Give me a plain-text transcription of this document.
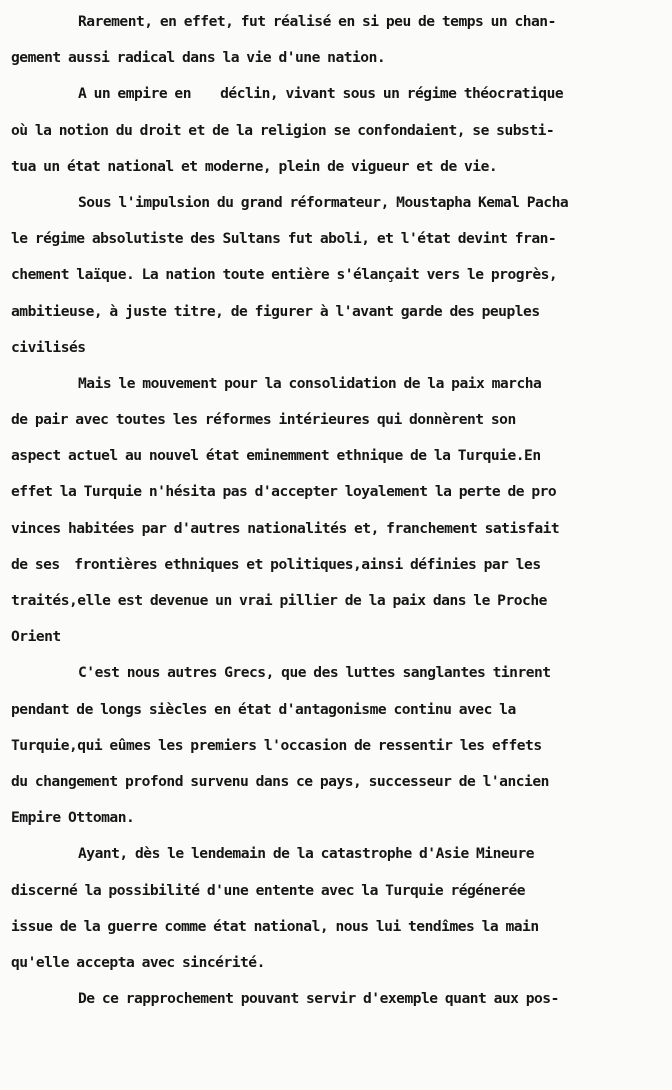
Rarement, en effet, fut réalisé en si peu de temps un chan-
gement aussi radical dans la vie d'une nation.
A un empire en    déclin, vivant sous un régime théocratique
où la notion du droit et de la religion se confondaient, se substi-
tua un état national et moderne, plein de vigueur et de vie.
Sous l'impulsion du grand réformateur, Moustapha Kemal Pacha
le régime absolutiste des Sultans fut aboli, et l'état devint fran-
chement laïque. La nation toute entière s'élançait vers le progrès,
ambitieuse, à juste titre, de figurer à l'avant garde des peuples
civilisés
Mais le mouvement pour la consolidation de la paix marcha
de pair avec toutes les réformes intérieures qui donnèrent son
aspect actuel au nouvel état eminemment ethnique de la Turquie.En
effet la Turquie n'hésita pas d'accepter loyalement la perte de pro
vinces habitées par d'autres nationalités et, franchement satisfait
de ses  frontières ethniques et politiques,ainsi définies par les
traités,elle est devenue un vrai pillier de la paix dans le Proche
Orient
C'est nous autres Grecs, que des luttes sanglantes tinrent
pendant de longs siècles en état d'antagonisme continu avec la
Turquie,qui eûmes les premiers l'occasion de ressentir les effets
du changement profond survenu dans ce pays, successeur de l'ancien
Empire Ottoman.
Ayant, dès le lendemain de la catastrophe d'Asie Mineure
discerné la possibilité d'une entente avec la Turquie régénerée
issue de la guerre comme état national, nous lui tendîmes la main
qu'elle accepta avec sincérité.
De ce rapprochement pouvant servir d'exemple quant aux pos-
